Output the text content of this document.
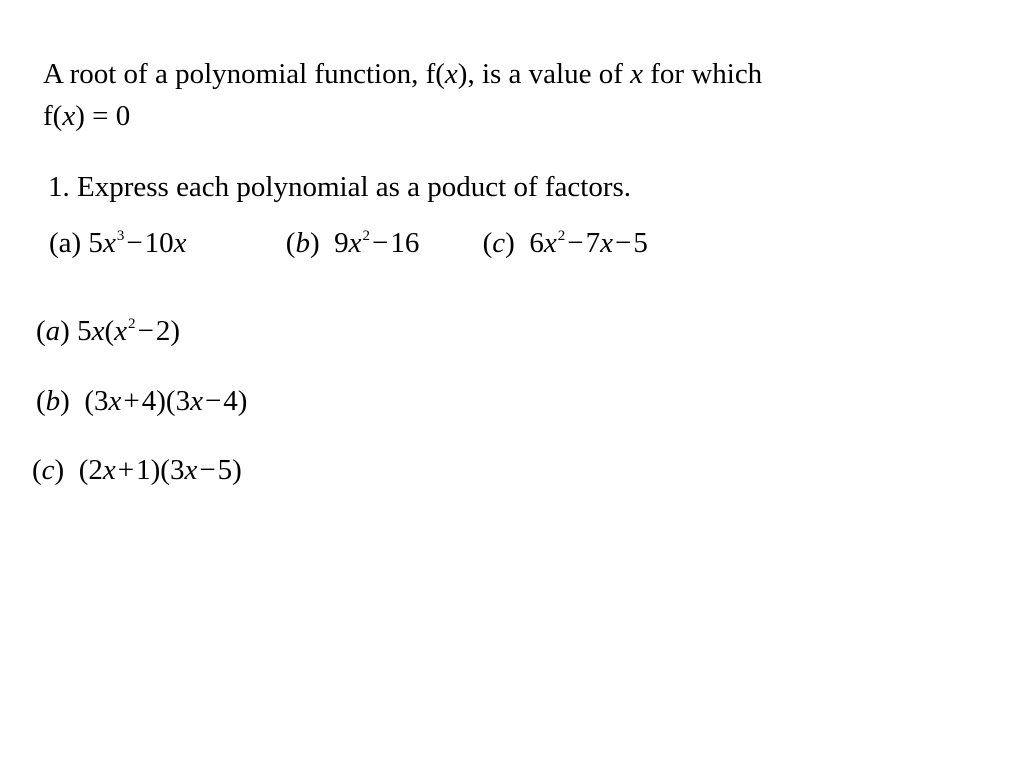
A root of a polynomial function, f(x), is a value of x for which
f(x) = 0
1. Express each polynomial as a poduct of factors.
(a) $5x^3-10x$	(b)  $9x^2-16$ (c)  $6x^2-7x-5$
(a) $5x(x^2-2)$
(b)  (3x+4)(3x−4)
(c)  (2x+1)(3x−5)
